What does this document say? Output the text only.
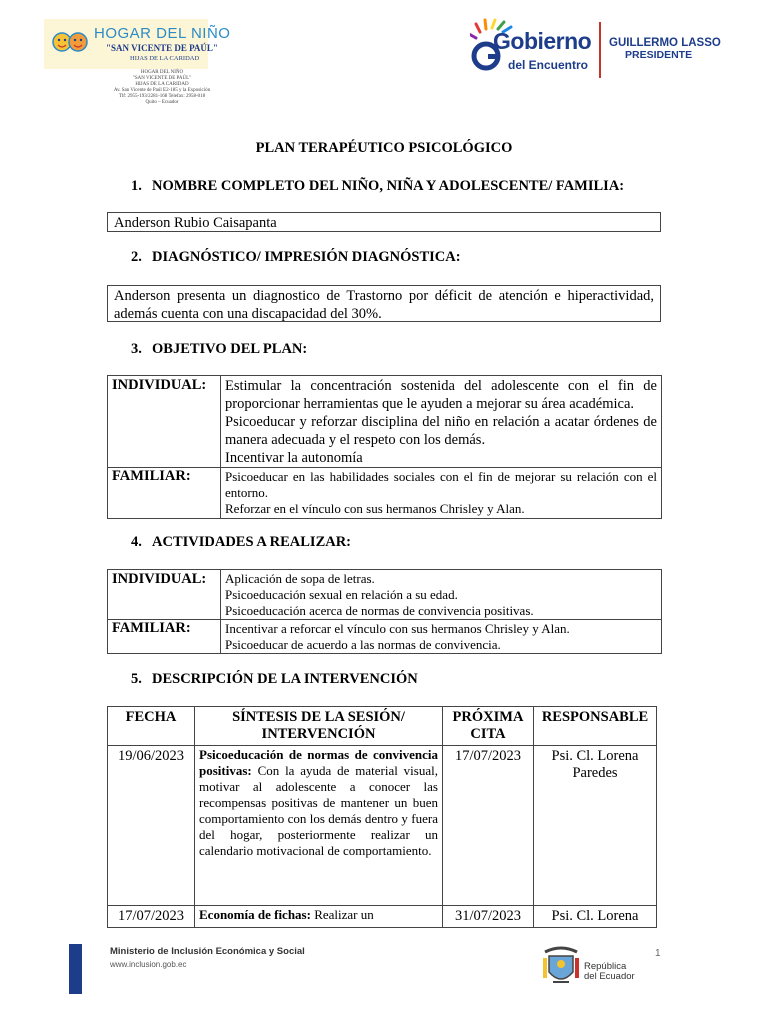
HOGAR DEL NIÑO
"SAN VICENTE DE PAÚL"
HIJAS DE LA CARIDAD
HOGAR DEL NIÑO
"SAN VICENTE DE PAÚL"
HIJAS DE LA CARIDAD
Av. San Vicente de Paúl E2-185 y la Exposición
Tlf: 2955-193/2281-168 Telefax: 2958-018
Quito – Ecuador
Gobierno
del Encuentro
GUILLERMO LASSO
PRESIDENTE
PLAN TERAPÉUTICO PSICOLÓGICO
1. NOMBRE COMPLETO DEL NIÑO, NIÑA Y ADOLESCENTE/ FAMILIA:
Anderson Rubio Caisapanta
2. DIAGNÓSTICO/ IMPRESIÓN DIAGNÓSTICA:
Anderson presenta un diagnostico de Trastorno por déficit de atención e hiperactividad, además cuenta con una discapacidad del 30%.
3. OBJETIVO DEL PLAN:
INDIVIDUAL:	Estimular la concentración sostenida del adolescente con el fin de proporcionar herramientas que le ayuden a mejorar su área académica.
Psicoeducar y reforzar disciplina del niño en relación a acatar órdenes de manera adecuada y el respeto con los demás.
Incentivar la autonomía

FAMILIAR:	Psicoeducar en las habilidades sociales con el fin de mejorar su relación con el entorno.
Reforzar en el vínculo con sus hermanos Chrisley y Alan.
4. ACTIVIDADES A REALIZAR:
INDIVIDUAL:	Aplicación de sopa de letras.
Psicoeducación sexual en relación a su edad.
Psicoeducación acerca de normas de convivencia positivas.

FAMILIAR:	Incentivar a reforcar el vínculo con sus hermanos Chrisley y Alan.
Psicoeducar de acuerdo a las normas de convivencia.
5. DESCRIPCIÓN DE LA INTERVENCIÓN
FECHA	SÍNTESIS DE LA SESIÓN/ INTERVENCIÓN	PRÓXIMA CITA	RESPONSABLE
19/06/2023	Psicoeducación de normas de convivencia positivas: Con la ayuda de material visual, motivar al adolescente a conocer las recompensas positivas de mantener un buen comportamiento con los demás dentro y fuera del hogar, posteriormente realizar un calendario motivacional de comportamiento.	17/07/2023	Psi. Cl. Lorena Paredes
17/07/2023	Economía de fichas: Realizar un	31/07/2023	Psi. Cl. Lorena
Ministerio de Inclusión Económica y Social
www.inclusion.gob.ec
1
República
del Ecuador
